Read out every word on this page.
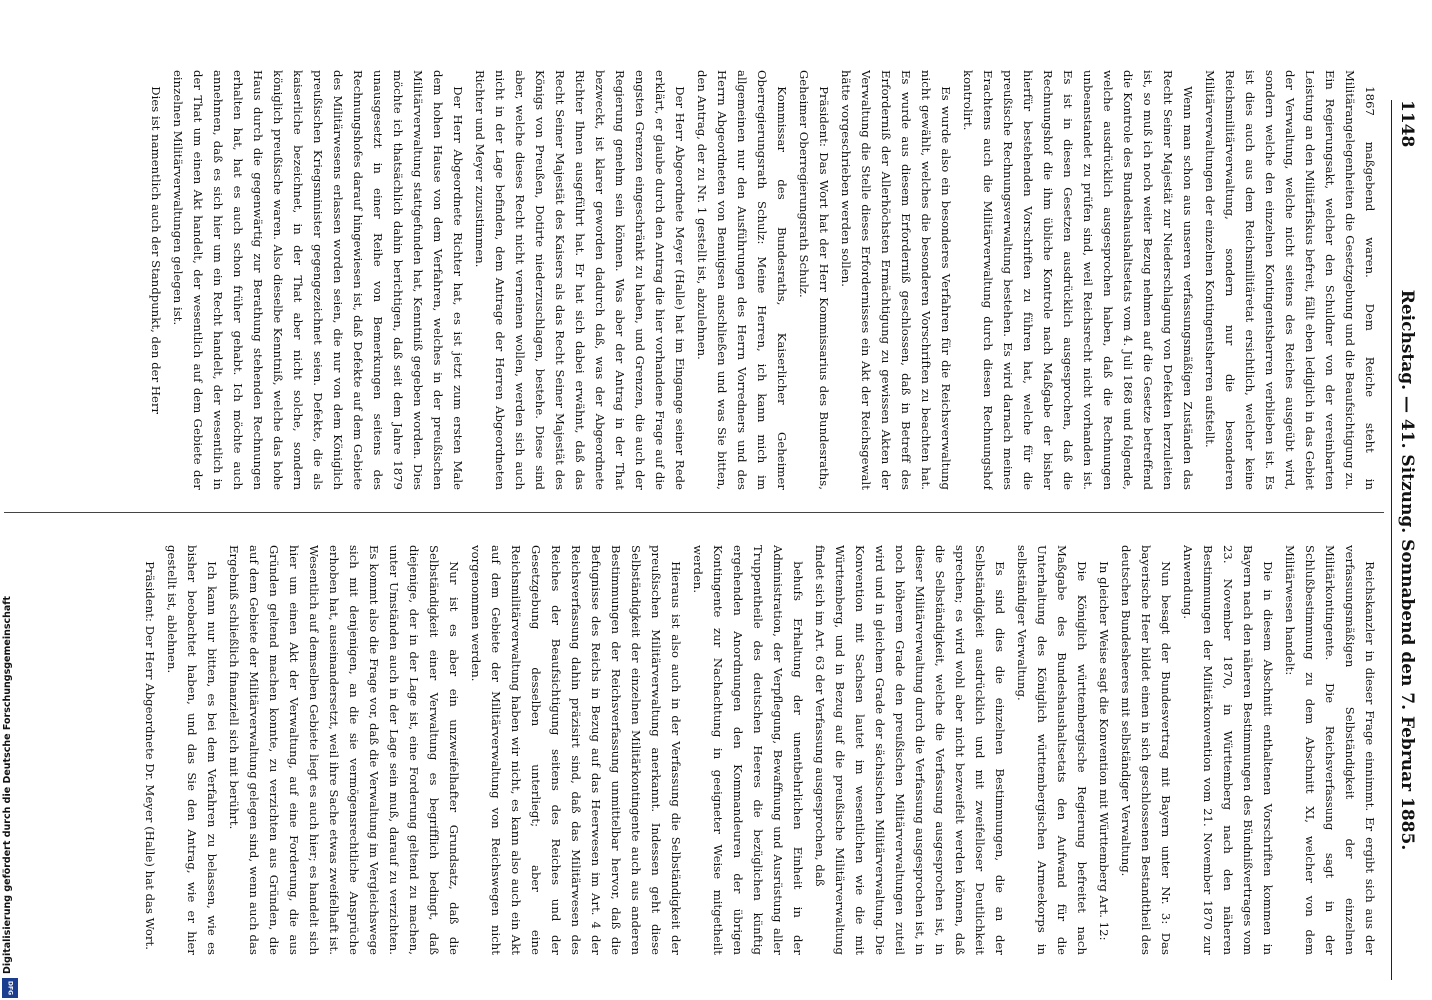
1148
Reichstag. — 41. Sitzung. Sonnabend den 7. Februar 1885.

1867 maßgebend waren. Dem Reiche steht in Militärangelegenheiten die Gesetzgebung und die Beaufsichtigung zu. Ein Regierungsakt, welcher den Schuldner von der vereinbarten Leistung an den Militärfiskus befreit, fällt eben lediglich in das Gebiet der Verwaltung, welche nicht seitens des Reiches ausgeübt wird, sondern welche den einzelnen Kontingentsherren verblieben ist. Es ist dies auch aus dem Reichsmilitäretat ersichtlich, welcher keine Reichsmilitärverwaltung, sondern nur die besonderen Militärverwaltungen der einzelnen Kontingentsherren aufstellt.

Wenn man schon aus unseren verfassungsmäßigen Zuständen das Recht Seiner Majestät zur Niederschlagung von Defekten herzuleiten ist, so muß ich noch weiter Bezug nehmen auf die Gesetze betreffend die Kontrole des Bundeshaushaltsetats vom 4. Juli 1868 und folgende, welche ausdrücklich ausgesprochen haben, daß die Rechnungen unbeanstandet zu prüfen sind, weil Reichsrecht nicht vorhanden ist. Es ist in diesen Gesetzen ausdrücklich ausgesprochen, daß die Rechnungshof die ihm übliche Kontrole nach Maßgabe der bisher hierfür bestehenden Vorschriften zu führen hat, welche für die preußische Rechnungsverwaltung bestehen. Es wird darnach meines Erachtens auch die Militärverwaltung durch diesen Rechnungshof kontrolirt.

Es wurde also ein besonderes Verfahren für die Reichsverwaltung nicht gewählt, welches die besonderen Vorschriften zu beachten hat. Es wurde aus diesem Erforderniß geschlossen, daß in Betreff des Erforderniß der Allerhöchsten Ermächtigung zu gewissen Akten der Verwaltung die Stelle dieses Erfordernisses ein Akt der Reichsgewalt hätte vorgeschrieben werden sollen.

Präsident: Das Wort hat der Herr Kommissarius des Bundesraths, Geheimer Oberregierungsrath Schulz.

Kommissar des Bundesraths, Kaiserlicher Geheimer Oberregierungsrath Schulz: Meine Herren, ich kann mich im allgemeinen nur den Ausführungen des Herrn Vorredners und des Herrn Abgeordneten von Bennigsen anschließen und was Sie bitten, den Antrag, der zu Nr. 1 gestellt ist, abzulehnen.

Der Herr Abgeordnete Meyer (Halle) hat im Eingange seiner Rede erklärt, er glaube durch den Antrag die hier vorhandene Frage auf die engsten Grenzen eingeschränkt zu haben, und Grenzen, die auch der Regierung genehm sein können. Was aber der Antrag in der That bezweckt, ist klarer geworden dadurch daß, was der Abgeordnete Richter Ihnen ausgeführt hat. Er hat sich dabei erwähnt, daß das Recht Seiner Majestät des Kaisers als das Recht Seiner Majestät des Königs von Preußen, Dotirte niederzuschlagen, bestehe. Diese sind aber, welche dieses Recht nicht verneinen wollen, werden sich auch nicht in der Lage befinden, dem Antrage der Herren Abgeordneten Richter und Meyer zuzustimmen.

Der Herr Abgeordnete Richter hat, es ist jetzt zum ersten Male dem hohen Hause von dem Verfahren, welches in der preußischen Militärverwaltung stattgefunden hat, Kenntniß gegeben worden. Dies möchte ich thatsächlich dahin berichtigen, daß seit dem Jahre 1879 unausgesetzt in einer Reihe von Bemerkungen seitens des Rechnungshofes darauf hingewiesen ist, daß Defekte auf dem Gebiete des Militärwesens erlassen worden seien, die nur von dem Königlich preußischen Kriegsminister gegengezeichnet seien. Defekte, die als kaiserliche bezeichnet, in der That aber nicht solche, sondern königlich preußische waren. Also dieselbe Kenntniß, welche das hohe Haus durch die gegenwärtig zur Berathung stehenden Rechnungen erhalten hat, hat es auch schon früher gehabt. Ich möchte auch annehmen, daß es sich hier um ein Recht handelt, der wesentlich in der That um einen Akt handelt, der wesentlich auf dem Gebiete der einzelnen Militärverwaltungen gelegen ist.

Dies ist namentlich auch der Standpunkt, den der Herr

Reichskanzler in dieser Frage einnimmt. Er ergibt sich aus der verfassungsmäßigen Selbständigkeit der einzelnen Militärkontingente. Die Reichsverfassung sagt in der Schlußbestimmung zu dem Abschnitt XI, welcher von dem Militärwesen handelt:

Die in diesem Abschnitt enthaltenen Vorschriften kommen in Bayern nach den näheren Bestimmungen des Bündnißvertrages vom 23. November 1870, in Württemberg nach den näheren Bestimmungen der Militärkonvention vom 21. November 1870 zur Anwendung.

Nun besagt der Bundesvertrag mit Bayern unter Nr. 3: Das bayerische Heer bildet einen in sich geschlossenen Bestandtheil des deutschen Bundesheeres mit selbständiger Verwaltung.

In gleicher Weise sagt die Konvention mit Württemberg Art. 12:

Die Königlich württembergische Regierung befreitet nach Maßgabe des Bundeshaushaltsetats den Aufwand für die Unterhaltung des Königlich württembergischen Armeekorps in selbständiger Verwaltung.

Es sind dies die einzelnen Bestimmungen, die an der Selbständigkeit ausdrücklich und mit zweifelloser Deutlichkeit sprechen; es wird wohl aber nicht bezweifelt werden können, daß die Selbständigkeit, welche die Verfassung ausgesprochen ist, in dieser Militärverwaltung durch die Verfassung ausgesprochen ist, in noch höherem Grade den preußischen Militärverwaltungen zuteil wird und in gleichem Grade der sächsischen Militärverwaltung. Die Konvention mit Sachsen lautet im wesentlichen wie die mit Württemberg, und in Bezug auf die preußische Militärverwaltung findet sich im Art. 63 der Verfassung ausgesprochen, daß

behufs Erhaltung der unentbehrlichen Einheit in der Administration, der Verpflegung, Bewaffnung und Ausrüstung aller Truppentheile des deutschen Heeres die bezüglichen künftig ergehenden Anordnungen den Kommandeuren der übrigen Kontingente zur Nachachtung in geeigneter Weise mitgetheilt werden.

Hieraus ist also auch in der Verfassung die Selbständigkeit der preußischen Militärverwaltung anerkannt. Indessen geht diese Selbständigkeit der einzelnen Militärkontingente auch aus anderen Bestimmungen der Reichsverfassung unmittelbar hervor, daß die Befugnisse des Reichs in Bezug auf das Heerwesen im Art. 4 der Reichsverfassung dahin präzisirt sind, daß das Militärwesen des Reiches der Beaufsichtigung seitens des Reiches und der Gesetzgebung desselben unterliegt; aber eine Reichsmilitärverwaltung haben wir nicht, es kann also auch ein Akt auf dem Gebiete der Militärverwaltung von Reichswegen nicht vorgenommen werden.

Nur ist es aber ein unzweifelhafter Grundsatz, daß die Selbständigkeit einer Verwaltung es begrifflich bedingt, daß diejenige, der in der Lage ist, eine Forderung geltend zu machen, unter Umständen auch in der Lage sein muß, darauf zu verzichten. Es kommt also die Frage vor, daß die Verwaltung im Vergleichswege sich mit denjenigen, an die sie vermögensrechtliche Ansprüche erhoben hat, auseinandersetzt, weil ihre Sache etwas zweifelhaft ist. Wesentlich auf demselben Gebiete liegt es auch hier; es handelt sich hier um einen Akt der Verwaltung, auf eine Forderung, die aus Gründen geltend machen konnte, zu verzichten aus Gründen, die auf dem Gebiete der Militärverwaltung gelegen sind, wenn auch das Ergebniß schließlich finanziell sich mit berührt.

Ich kann nur bitten, es bei dem Verfahren zu belassen, wie es bisher beobachtet haben, und das Sie den Antrag, wie er hier gestellt ist, ablehnen.

Präsident: Der Herr Abgeordnete Dr. Meyer (Halle) hat das Wort.

Digitalisierung gefördert durch die Deutsche Forschungsgemeinschaft
DFG
